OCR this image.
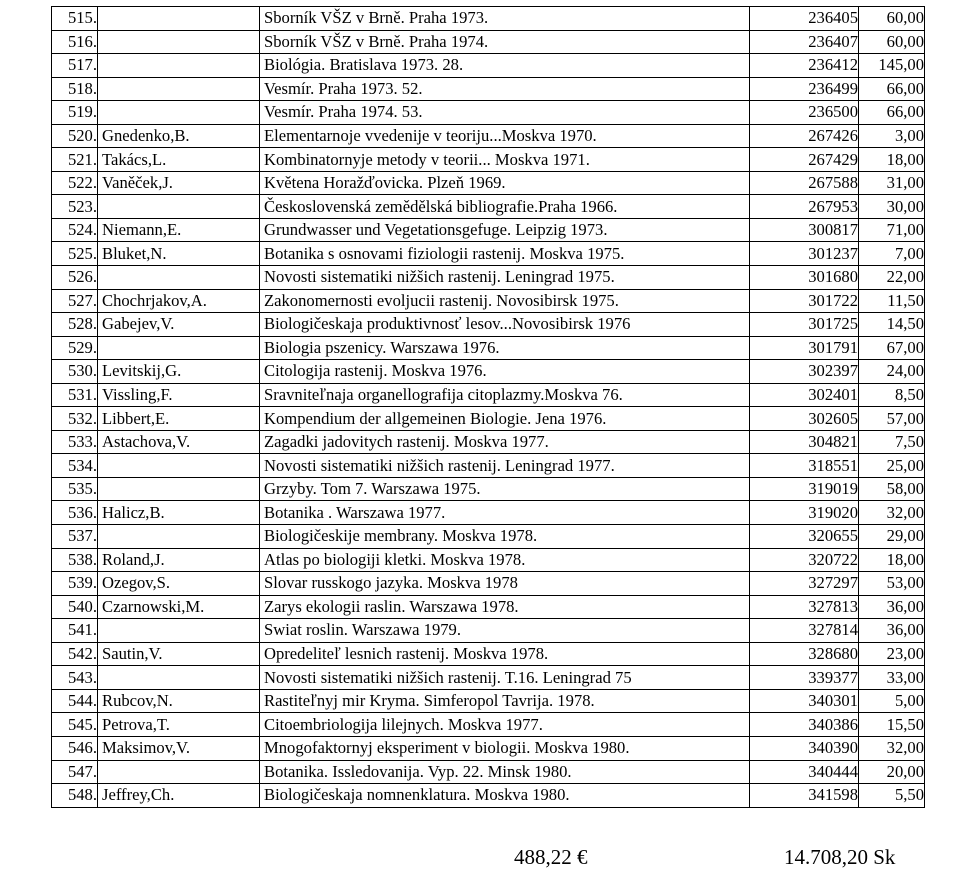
515.		Sborník VŠZ v Brně. Praha 1973.	236405	60,00
516.		Sborník VŠZ v Brně. Praha 1974.	236407	60,00
517.		Biológia. Bratislava 1973. 28.	236412	145,00
518.		Vesmír. Praha 1973. 52.	236499	66,00
519.		Vesmír. Praha 1974. 53.	236500	66,00
520.	Gnedenko,B.	Elementarnoje vvedenije v teoriju...Moskva 1970.	267426	3,00
521.	Takács,L.	Kombinatornyje metody v teorii... Moskva 1971.	267429	18,00
522.	Vaněček,J.	Květena Horažďovicka. Plzeň 1969.	267588	31,00
523.		Československá zemědělská bibliografie.Praha 1966.	267953	30,00
524.	Niemann,E.	Grundwasser und Vegetationsgefuge. Leipzig 1973.	300817	71,00
525.	Bluket,N.	Botanika s osnovami fiziologii rastenij. Moskva 1975.	301237	7,00
526.		Novosti sistematiki nižšich rastenij. Leningrad 1975.	301680	22,00
527.	Chochrjakov,A.	Zakonomernosti evoljucii rastenij. Novosibirsk 1975.	301722	11,50
528.	Gabejev,V.	Biologičeskaja produktivnosť lesov...Novosibirsk 1976	301725	14,50
529.		Biologia pszenicy. Warszawa 1976.	301791	67,00
530.	Levitskij,G.	Citologija rastenij. Moskva 1976.	302397	24,00
531.	Vissling,F.	Sravniteľnaja organellografija citoplazmy.Moskva 76.	302401	8,50
532.	Libbert,E.	Kompendium der allgemeinen Biologie. Jena 1976.	302605	57,00
533.	Astachova,V.	Zagadki jadovitych rastenij. Moskva 1977.	304821	7,50
534.		Novosti sistematiki nižšich rastenij. Leningrad 1977.	318551	25,00
535.		Grzyby. Tom 7. Warszawa 1975.	319019	58,00
536.	Halicz,B.	Botanika . Warszawa 1977.	319020	32,00
537.		Biologičeskije membrany. Moskva 1978.	320655	29,00
538.	Roland,J.	Atlas po biologiji kletki. Moskva 1978.	320722	18,00
539.	Ozegov,S.	Slovar russkogo jazyka. Moskva 1978	327297	53,00
540.	Czarnowski,M.	Zarys ekologii raslin. Warszawa 1978.	327813	36,00
541.		Swiat roslin. Warszawa 1979.	327814	36,00
542.	Sautin,V.	Opredeliteľ lesnich rastenij. Moskva 1978.	328680	23,00
543.		Novosti sistematiki nižšich rastenij. T.16. Leningrad 75	339377	33,00
544.	Rubcov,N.	Rastiteľnyj mir Kryma. Simferopol Tavrija. 1978.	340301	5,00
545.	Petrova,T.	Citoembriologija lilejnych. Moskva 1977.	340386	15,50
546.	Maksimov,V.	Mnogofaktornyj eksperiment v biologii. Moskva 1980.	340390	32,00
547.		Botanika. Issledovanija. Vyp. 22. Minsk 1980.	340444	20,00
548.	Jeffrey,Ch.	Biologičeskaja nomnenklatura. Moskva 1980.	341598	5,50
488,22 €	14.708,20 Sk
